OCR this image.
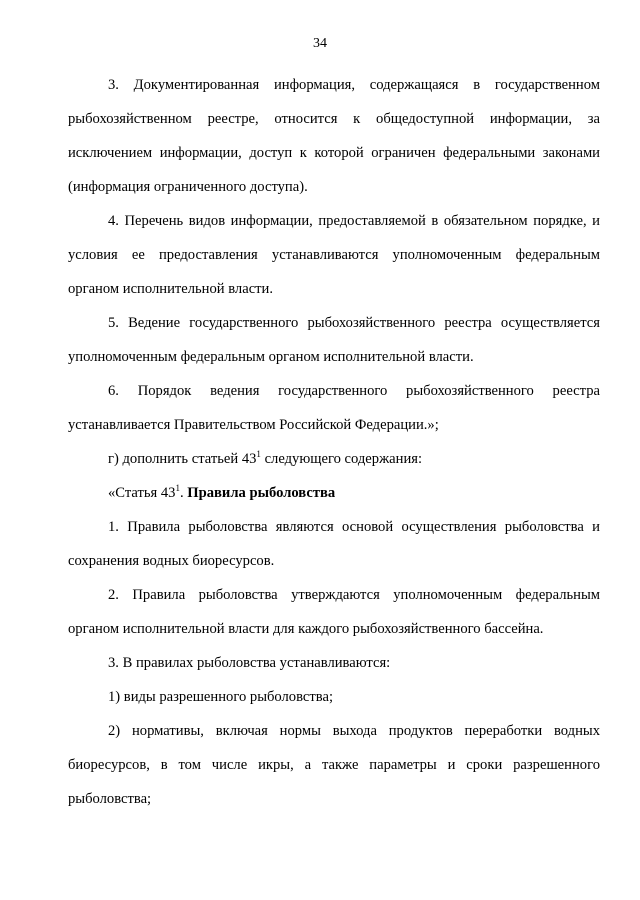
34

3. Документированная информация, содержащаяся в государственном рыбохозяйственном реестре, относится к общедоступной информации, за исключением информации, доступ к которой ограничен федеральными законами (информация ограниченного доступа).

4. Перечень видов информации, предоставляемой в обязательном порядке, и условия ее предоставления устанавливаются уполномоченным федеральным органом исполнительной власти.

5. Ведение государственного рыбохозяйственного реестра осуществляется уполномоченным федеральным органом исполнительной власти.

6. Порядок ведения государственного рыбохозяйственного реестра устанавливается Правительством Российской Федерации.»;

г) дополнить статьей $43^1$ следующего содержания:

«Статья $43^1$. Правила рыболовства

1. Правила рыболовства являются основой осуществления рыболовства и сохранения водных биоресурсов.

2. Правила рыболовства утверждаются уполномоченным федеральным органом исполнительной власти для каждого рыбохозяйственного бассейна.

3. В правилах рыболовства устанавливаются:

1) виды разрешенного рыболовства;

2) нормативы, включая нормы выхода продуктов переработки водных биоресурсов, в том числе икры, а также параметры и сроки разрешенного рыболовства;
